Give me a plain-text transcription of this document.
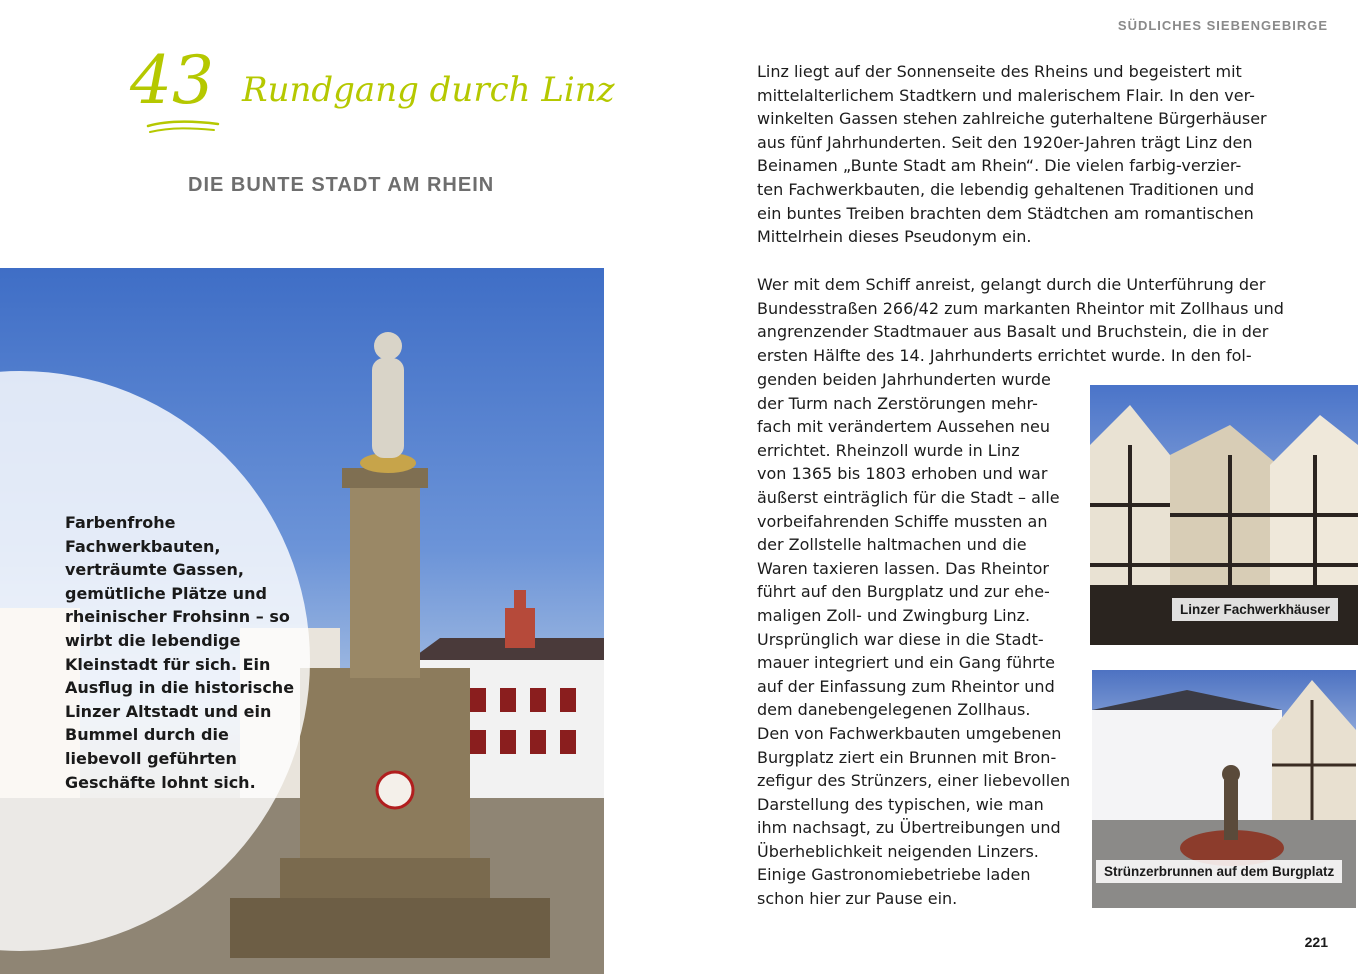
SÜDLICHES SIEBENGEBIRGE
43 Rundgang durch Linz
DIE BUNTE STADT AM RHEIN
Farbenfrohe Fachwerkbauten, verträumte Gassen, gemütliche Plätze und rheinischer Frohsinn – so wirbt die lebendige Kleinstadt für sich. Ein Ausflug in die historische Linzer Altstadt und ein Bummel durch die liebevoll geführten Geschäfte lohnt sich.

Linz liegt auf der Sonnenseite des Rheins und begeistert mit
mittelalterlichem Stadtkern und malerischem Flair. In den ver-
winkelten Gassen stehen zahlreiche guterhaltene Bürgerhäuser
aus fünf Jahrhunderten. Seit den 1920er-Jahren trägt Linz den
Beinamen „Bunte Stadt am Rhein“. Die vielen farbig-verzier-
ten Fachwerkbauten, die lebendig gehaltenen Traditionen und
ein buntes Treiben brachten dem Städtchen am romantischen
Mittelrhein dieses Pseudonym ein.

Wer mit dem Schiff anreist, gelangt durch die Unterführung der
Bundesstraßen 266/42 zum markanten Rheintor mit Zollhaus und
angrenzender Stadtmauer aus Basalt und Bruchstein, die in der
ersten Hälfte des 14. Jahrhunderts errichtet wurde. In den fol-

genden beiden Jahrhunderten wurde
der Turm nach Zerstörungen mehr-
fach mit verändertem Aussehen neu
errichtet. Rheinzoll wurde in Linz
von 1365 bis 1803 erhoben und war
äußerst einträglich für die Stadt – alle
vorbeifahrenden Schiffe mussten an
der Zollstelle haltmachen und die
Waren taxieren lassen. Das Rheintor
führt auf den Burgplatz und zur ehe-
maligen Zoll- und Zwingburg Linz.
Ursprünglich war diese in die Stadt-
mauer integriert und ein Gang führte
auf der Einfassung zum Rheintor und
dem danebengelegenen Zollhaus.
Den von Fachwerkbauten umgebenen
Burgplatz ziert ein Brunnen mit Bron-
zefigur des Strünzers, einer liebevollen
Darstellung des typischen, wie man
ihm nachsagt, zu Übertreibungen und
Überheblichkeit neigenden Linzers.
Einige Gastronomiebetriebe laden
schon hier zur Pause ein.

Linzer Fachwerkhäuser
Strünzerbrunnen auf dem Burgplatz
221
